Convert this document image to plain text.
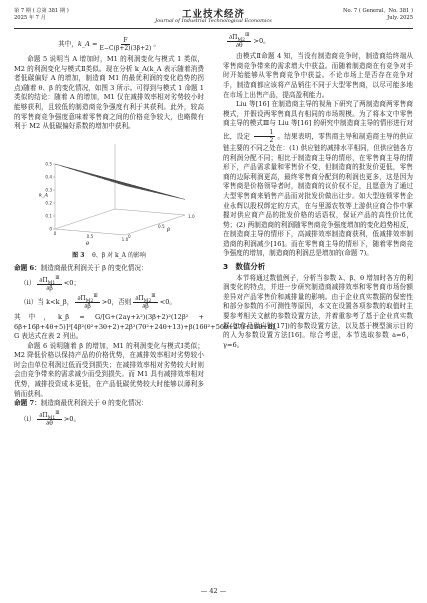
第 7 期 ( 总第 381 期 )
2025 年 7 月	工业技术经济
Journal of Industrial Technological Economics
No. 7 ( General，No. 381 )
July. 2025
其中， k_A = $\frac{F}{E-C(\beta+2)(3\beta+2)}$ 。

命题 5 说明当 A 增加时，M1 的利润变化与模式 1 类似，M2 的利润变化与模式Ⅱ类似。现在分析 k_A(k_A 表示随着消费者低碳偏好 A 的增加，制造商 M1 的最优利润的变化趋势的拐点)随着 θ、β 的变化情况，如图 3 所示。可得到与模式 1 命题 1 类似的结论：随着 A 的增加，M1 仅在减排效率相对劣势较小时能够获利，且较低的制造商竞争强度有利于其获利。此外，较高的零售商竞争强度意味着零售商之间的价格竞争较大，也略微有利于 M2 从低碳偏好系数的增加中获利。

0
0.1
0.2
0.3
0.4
0.5
0
0.5
1.0
0
0.5
1.0
θ
β
k_A
图 3 θ、β 对 k_A 的影响

命题 6：制造商最优利润关于 β 的变化情况：

（ⅰ） $\frac{\partial\Pi_{M1}^Ⅲ}{\partial\beta} <0$；
（ⅱ）当 k<k_β， $\frac{\partial\Pi_{M2}^Ⅲ}{\partial\beta} >0$，否则 $\frac{\partial\Pi_{M2}^Ⅲ}{\partial\beta} <0$。

其中，k_β = G/[G+(2aγ+λ²)(3β+2)²(12β² + 6β+16β+4θ+5)]²[4β²(θ²+3θ+2)+2β²(7θ²+24θ+13)+β(16θ²+56θ+27)+16θ+8]，G 表达式在表 2 列出。

命题 6 说明随着 β 的增加，M1 的利润变化与模式Ⅰ类似；M2 降低价格以保持产品的价格优势，在减排效率相对劣势较小时会由单位利润过低而受到损失；在减排效率相对劣势较大时则会由竞争带来的需求减少而受到损失。而 M1 具有减排效率相对优势，减排投资成本更低，在产品低碳优势较大时能够以薄利多销而获利。

命题 7：制造商最优利润关于 θ 的变化情况：

（ⅰ） $\frac{\partial\Pi_{M1}^Ⅲ}{\partial\theta} >0$。
$\frac{\partial\Pi_{M2}^Ⅲ}{\partial\theta} >0$。

由模式Ⅱ命题 4 知，当没有制造商竞争时，制造商给终端从零售商竞争带来的需求增大中获益。而随着制造商在有竞争对手时开始能够从零售商竞争中获益。不论市场上是否存在竞争对手，制造商都应该将产品销往不同于大型零售商，以尽可能多地在市场上出售产品，提高盈利能力。

Liu 等[16] 在制造商主导的视角下研究了两制造商两零售商模式，并假设两零售商具有相同的市场规模。为了将本文中零售商主导的模式Ⅲ与 Liu 等[16] 的研究中制造商主导的情形进行对比，设定 $\frac{1}{2}$ 。结果表明，零售商主导和制造商主导的供应链主要的不同之处在：(1) 供应链的减排水平相同，但供应链各方的利润分配不同；相比于制造商主导的情形，在零售商主导的情形下，产品需求量和零售价不变，但制造商的批发价更低，零售商的边际利润更高，最终零售商分配到的利润也更多，这是因为零售商是价格领导者时，制造商的议价权不足，且愿意为了通过大型零售商来销售产品而对批发价做出让步。如大型连锁零售企业永辉以股权绑定的方式，在与里源农牧等上游供应商合作中掌握对供应商产品的批发价格的话语权，保证产品的高性价比优势；(2) 两制造商的利润随零售商竞争强度增加的变化趋势相反，在制造商主导的情形下，高减排效率制造商获利，低减排效率制造商的利润减少[16]。而在零售商主导的情形下，随着零售商竞争强度的增加，制造商的利润总是增加的(命题 7)。

3　数值分析

本节将通过数值例子，分析当参数 λ、β、θ 增加时各方的利润变化的特点，并进一步研究制造商减排效率和零售商市场份额差异对产品零售价和减排量的影响。由于企业真实数据的保密性和部分参数的不可测性等原因，本文在设置各项参数的取值时主要参考相关文献的参数设置方法，并着重参考了基于企业真实数据(如食品供应链[17])的参数设置方法，以及基于模型演示目的的人为参数设置方法[16]。综合考虑，本节选取参数 a=6，γ=6。

— 42 —
